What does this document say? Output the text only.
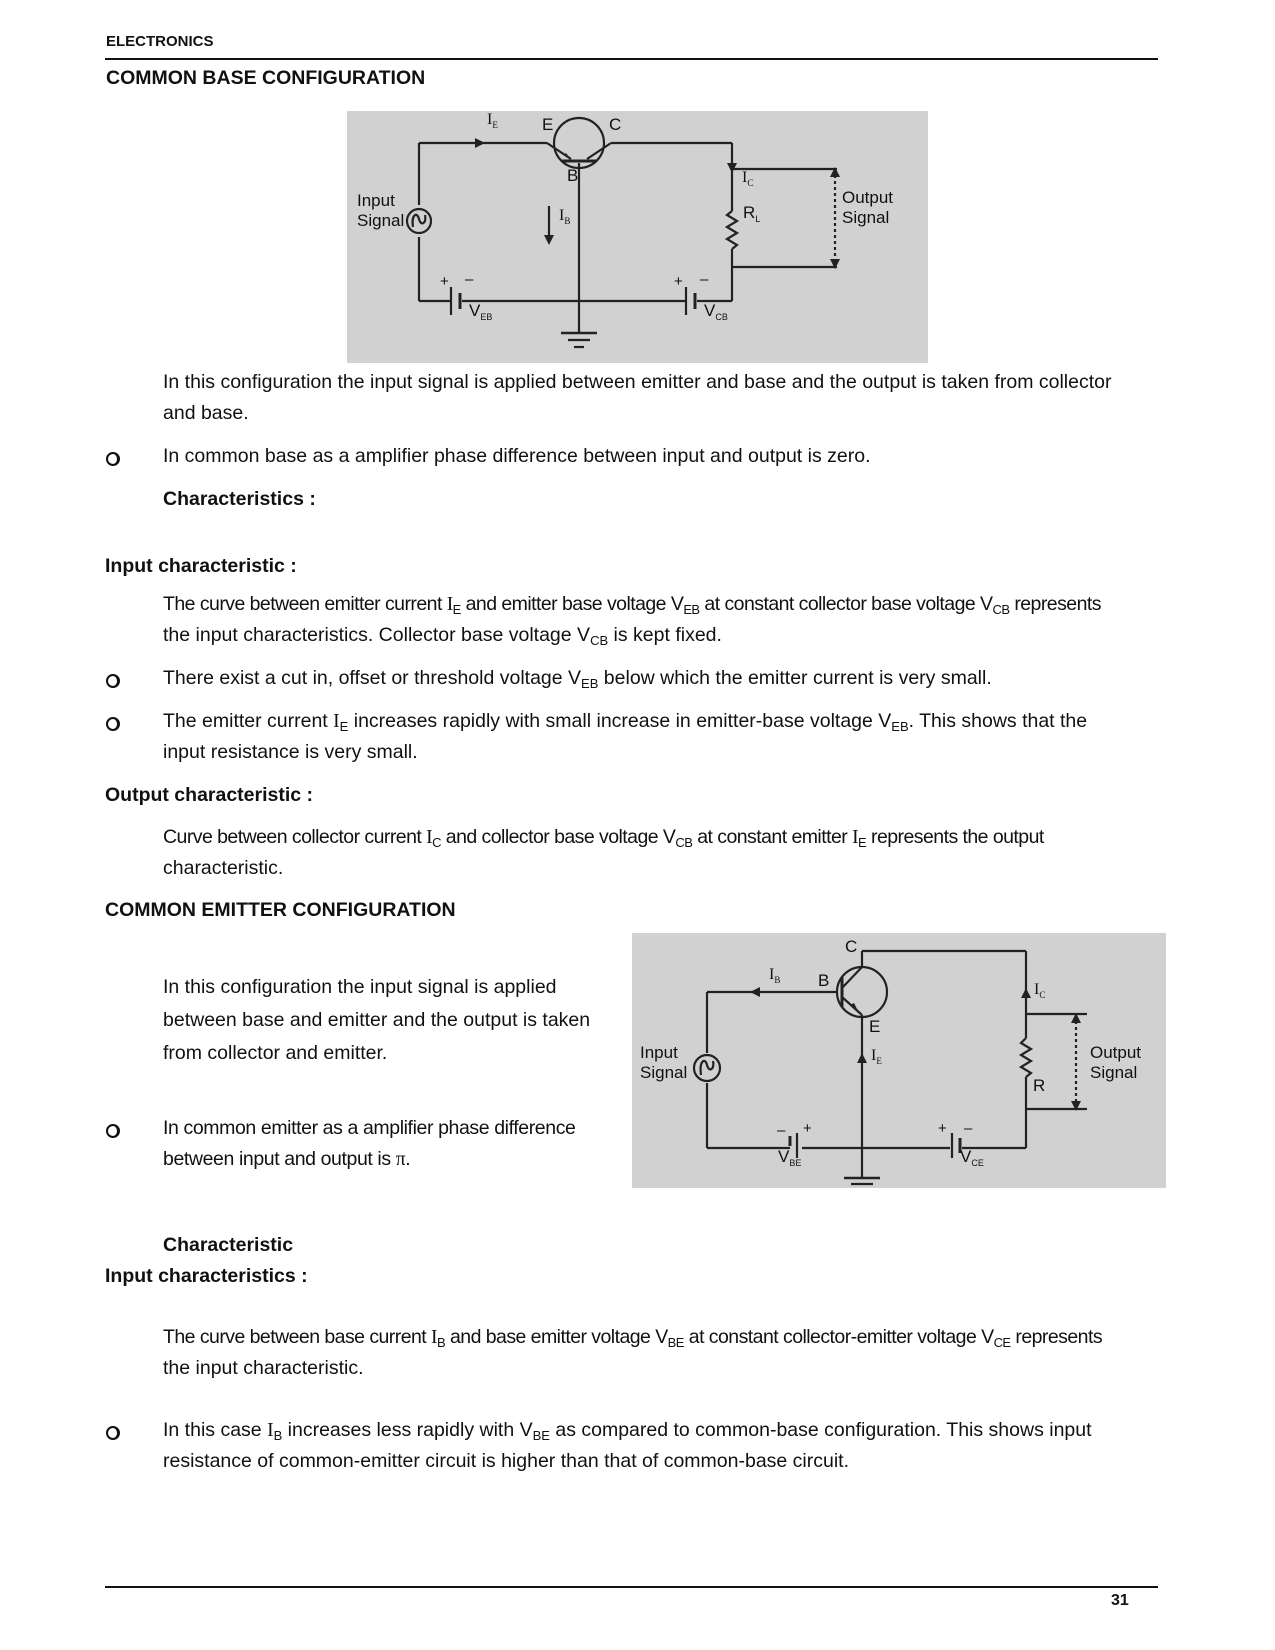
ELECTRONICS
COMMON BASE CONFIGURATION
Input
Signal
Output
Signal
E	C
B
$I_E$
$I_B$
$I_C$
$R_L$
$V_{EB}$	$V_{CB}$
+ –	+ –
In this configuration the input signal is applied between emitter and base and the output is taken from collector
and base.
In common base as a amplifier phase difference between input and output is zero.
Characteristics :
Input characteristic :
The curve between emitter current $I_E$ and emitter base voltage $V_{EB}$ at constant collector base voltage $V_{CB}$ represents
the input characteristics. Collector base voltage $V_{CB}$ is kept fixed.
There exist a cut in, offset or threshold voltage $V_{EB}$ below which the emitter current is very small.
The emitter current $I_E$ increases rapidly with small increase in emitter-base voltage $V_{EB}$. This shows that the
input resistance is very small.
Output characteristic :
Curve between collector current $I_C$ and collector base voltage $V_{CB}$ at constant emitter $I_E$ represents the output
characteristic.
COMMON EMITTER CONFIGURATION
In this configuration the input signal is applied
between base and emitter and the output is taken
from collector and emitter.
In common emitter as a amplifier phase difference
between input and output is π.
Input
Signal
Output
Signal
C
B
E
$I_B$
$I_E$
$I_C$
R
$V_{BE}$	$V_{CE}$
– +	+ –
Characteristic
Input characteristics :
The curve between base current $I_B$ and base emitter voltage $V_{BE}$ at constant collector-emitter voltage $V_{CE}$ represents
the input characteristic.
In this case $I_B$ increases less rapidly with $V_{BE}$ as compared to common-base configuration. This shows input
resistance of common-emitter circuit is higher than that of common-base circuit.
31
